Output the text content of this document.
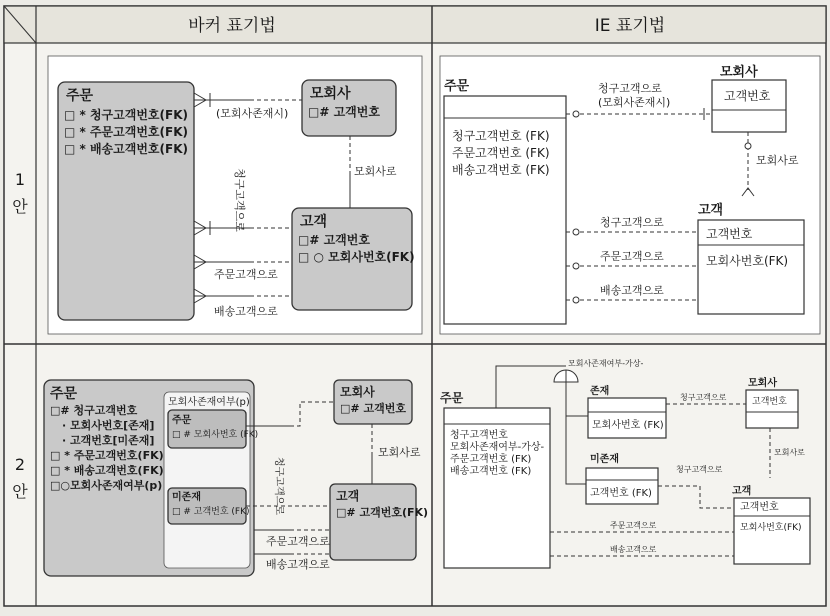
바커 표기법	IE 표기법
1
안
2
안
주문
□ * 청구고객번호(FK)
□ * 주문고객번호(FK)
□ * 배송고객번호(FK)
모회사
□# 고객번호
고객
□# 고객번호
□ ○ 모회사번호(FK)
(모회사존재시)
모회사로
청구고객으로
주문고객으로
배송고객으로
주문
청구고객번호 (FK)
주문고객번호 (FK)
배송고객번호 (FK)
모회사
고객번호
고객
고객번호
모회사번호(FK)
청구고객으로
(모회사존재시)
모회사로
청구고객으로
주문고객으로
배송고객으로
주문
□# 청구고객번호
· 모회사번호[존재]
· 고객번호[미존재]
□ * 주문고객번호(FK)
□ * 배송고객번호(FK)
□○모회사존재여부(p)
모회사존재여부(p)
주문
□ # 모회사번호 (FK)
미존재
□ # 고객번호 (FK)
모회사
□# 고객번호
고객
□# 고객번호(FK)
모회사로
청구고객으로
주문고객으로
배송고객으로
주문
청구고객번호
모회사존재여부-가상-
주문고객번호 (FK)
배송고객번호 (FK)
모회사존재여부-가상-
존재
모회사번호 (FK)
미존재
고객번호 (FK)
모회사
고객번호
고객
고객번호
모회사번호(FK)
청구고객으로
모회사로
청구고객으로
주문고객으로
배송고객으로
